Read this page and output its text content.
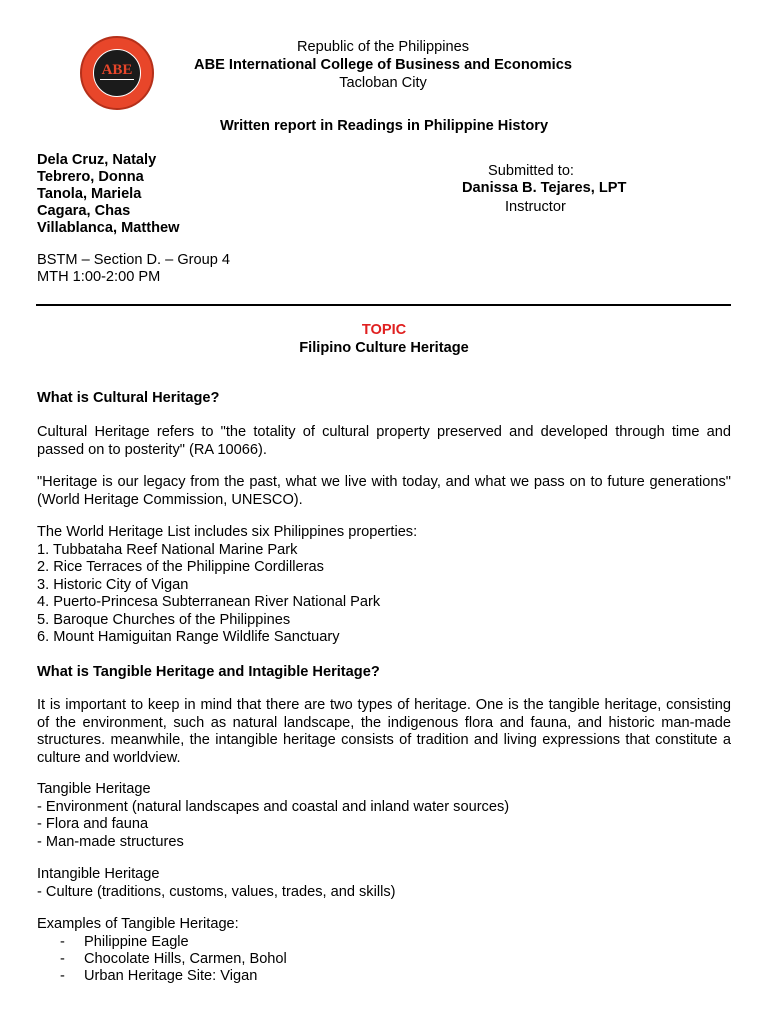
ABE
Republic of the Philippines
ABE International College of Business and Economics
Tacloban City
Written report in Readings in Philippine History
Dela Cruz, Nataly
Tebrero, Donna
Tanola, Mariela
Cagara, Chas
Villablanca, Matthew
Submitted to:
Danissa B. Tejares, LPT
Instructor
BSTM – Section D. – Group 4
MTH 1:00-2:00 PM
TOPIC
Filipino Culture Heritage
What is Cultural Heritage?
Cultural Heritage refers to "the totality of cultural property preserved and developed through time and passed on to posterity" (RA 10066).
"Heritage is our legacy from the past, what we live with today, and what we pass on to future generations" (World Heritage Commission, UNESCO).
The World Heritage List includes six Philippines properties:
1. Tubbataha Reef National Marine Park
2. Rice Terraces of the Philippine Cordilleras
3. Historic City of Vigan
4. Puerto-Princesa Subterranean River National Park
5. Baroque Churches of the Philippines
6. Mount Hamiguitan Range Wildlife Sanctuary
What is Tangible Heritage and Intagible Heritage?
It is important to keep in mind that there are two types of heritage. One is the tangible heritage, consisting of the environment, such as natural landscape, the indigenous flora and fauna, and historic man-made structures. meanwhile, the intangible heritage consists of tradition and living expressions that constitute a culture and worldview.
Tangible Heritage
- Environment (natural landscapes and coastal and inland water sources)
- Flora and fauna
- Man-made structures
Intangible Heritage
- Culture (traditions, customs, values, trades, and skills)
Examples of Tangible Heritage:
- Philippine Eagle
- Chocolate Hills, Carmen, Bohol
- Urban Heritage Site: Vigan
